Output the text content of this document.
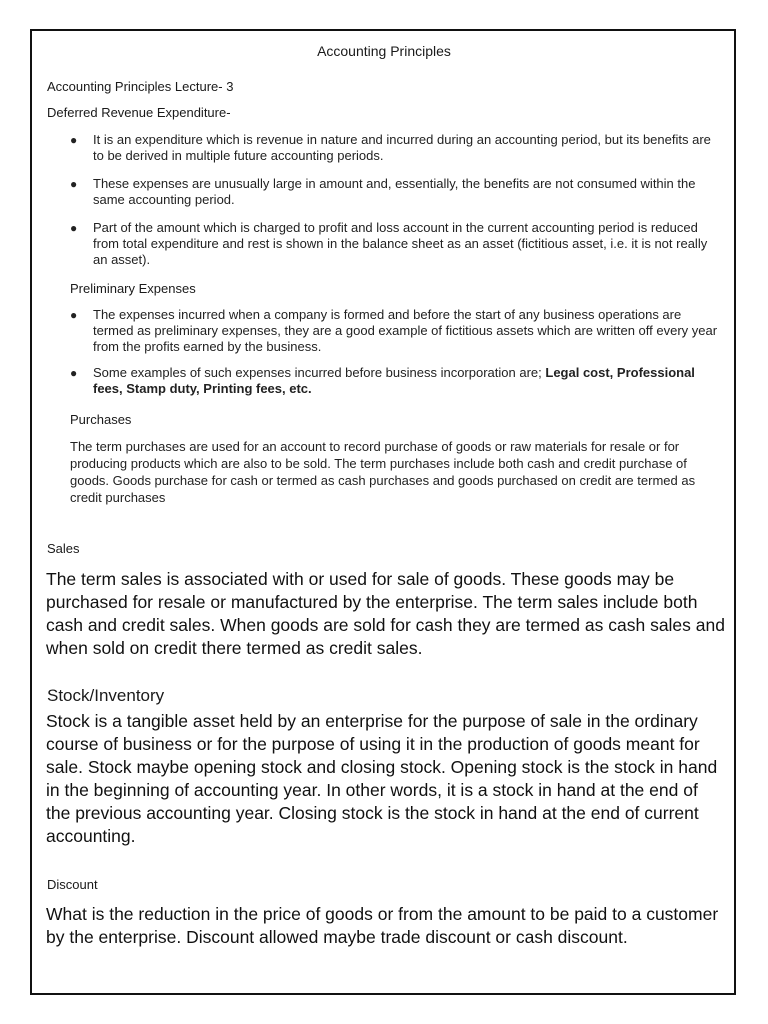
Accounting Principles

Accounting Principles Lecture- 3

Deferred Revenue Expenditure-

● It is an expenditure which is revenue in nature and incurred during an accounting period, but its benefits are to be derived in multiple future accounting periods.
● These expenses are unusually large in amount and, essentially, the benefits are not consumed within the same accounting period.
● Part of the amount which is charged to profit and loss account in the current accounting period is reduced from total expenditure and rest is shown in the balance sheet as an asset (fictitious asset, i.e. it is not really an asset).

Preliminary Expenses

● The expenses incurred when a company is formed and before the start of any business operations are termed as preliminary expenses, they are a good example of fictitious assets which are written off every year from the profits earned by the business.
● Some examples of such expenses incurred before business incorporation are; Legal cost, Professional fees, Stamp duty, Printing fees, etc.

Purchases

The term purchases are used for an account to record purchase of goods or raw materials for resale or for producing products which are also to be sold. The term purchases include both cash and credit purchase of goods. Goods purchase for cash or termed as cash purchases and goods purchased on credit are termed as credit purchases

Sales

The term sales is associated with or used for sale of goods. These goods may be purchased for resale or manufactured by the enterprise. The term sales include both cash and credit sales. When goods are sold for cash they are termed as cash sales and when sold on credit there termed as credit sales.

Stock/Inventory

Stock is a tangible asset held by an enterprise for the purpose of sale in the ordinary course of business or for the purpose of using it in the production of goods meant for sale. Stock maybe opening stock and closing stock. Opening stock is the stock in hand in the beginning of accounting year. In other words, it is a stock in hand at the end of the previous accounting year. Closing stock is the stock in hand at the end of current accounting.

Discount

What is the reduction in the price of goods or from the amount to be paid to a customer by the enterprise. Discount allowed maybe trade discount or cash discount.
